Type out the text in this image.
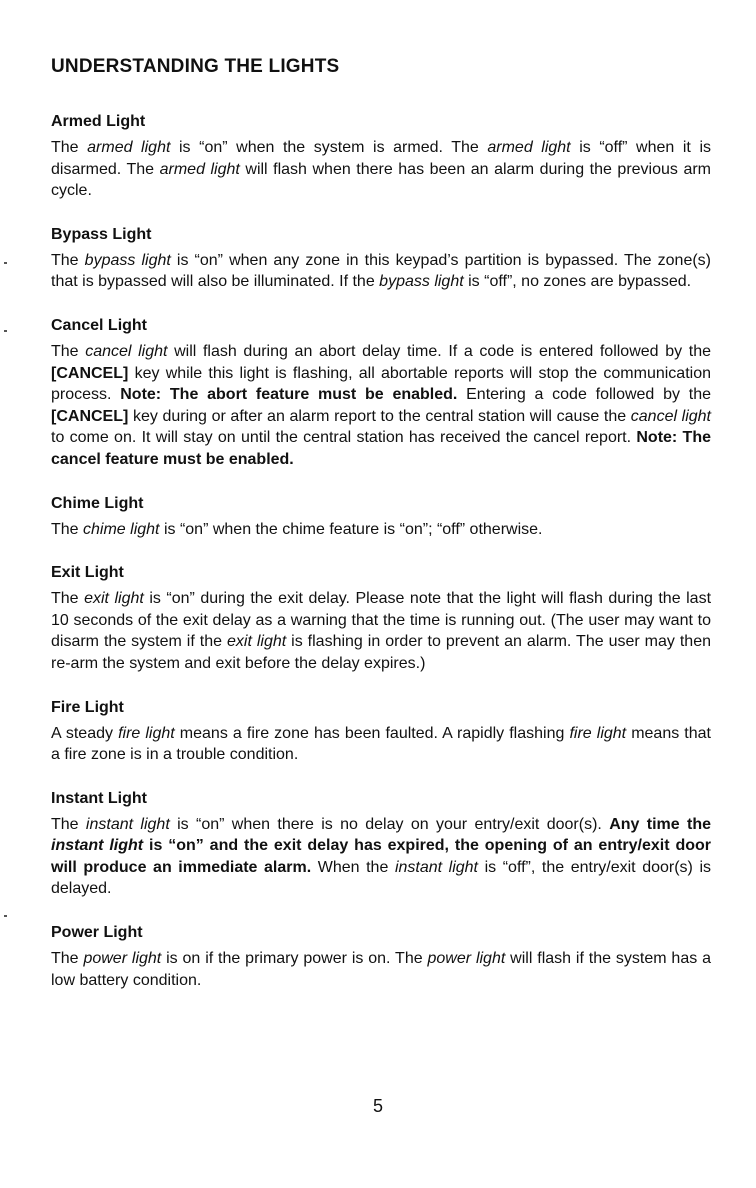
UNDERSTANDING THE LIGHTS
Armed Light

The armed light is “on” when the system is armed. The armed light is “off” when it is disarmed. The armed light will flash when there has been an alarm during the previous arm cycle.

Bypass Light

The bypass light is “on” when any zone in this keypad’s partition is bypassed. The zone(s) that is bypassed will also be illuminated. If the bypass light is “off”, no zones are bypassed.

Cancel Light

The cancel light will flash during an abort delay time. If a code is entered followed by the [CANCEL] key while this light is flashing, all abortable reports will stop the communication process. Note: The abort feature must be enabled. Entering a code followed by the [CANCEL] key during or after an alarm report to the central station will cause the cancel light to come on. It will stay on until the central station has received the cancel report. Note: The cancel feature must be enabled.

Chime Light

The chime light is “on” when the chime feature is “on”; “off” otherwise.

Exit Light

The exit light is “on” during the exit delay. Please note that the light will flash during the last 10 seconds of the exit delay as a warning that the time is running out. (The user may want to disarm the system if the exit light is flashing in order to prevent an alarm. The user may then re-arm the system and exit before the delay expires.)

Fire Light

A steady fire light means a fire zone has been faulted. A rapidly flashing fire light means that a fire zone is in a trouble condition.

Instant Light

The instant light is “on” when there is no delay on your entry/exit door(s). Any time the instant light is “on” and the exit delay has expired, the opening of an entry/exit door will produce an immediate alarm. When the instant light is “off”, the entry/exit door(s) is delayed.

Power Light

The power light is on if the primary power is on. The power light will flash if the system has a low battery condition.

5
